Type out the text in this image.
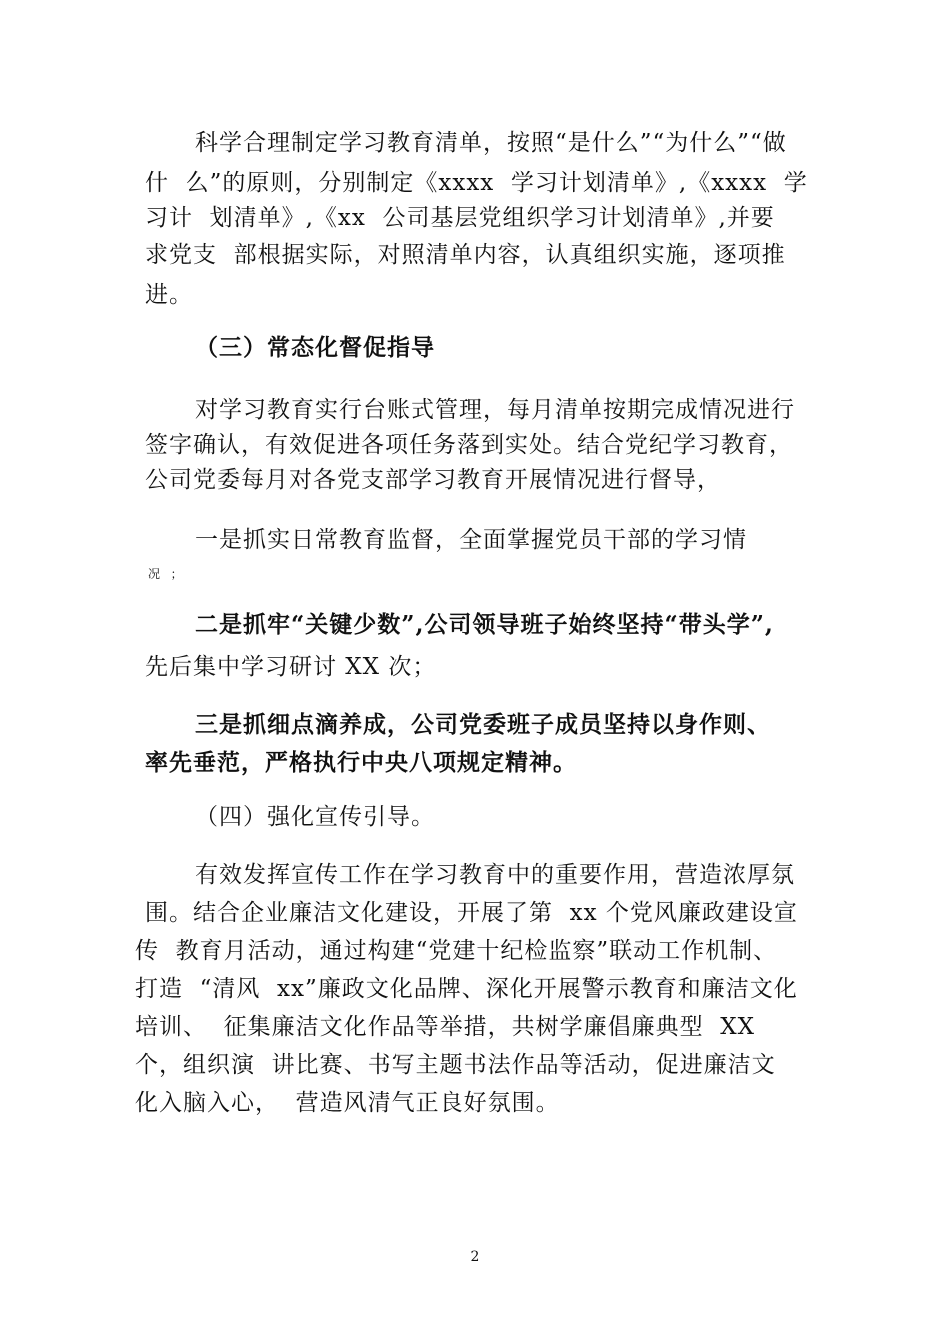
科学合理制定学习教育清单，按照“是什么”“为什么”“做
什  么”的原则，分别制定《xxxx  学习计划清单》,《xxxx  学
习计  划清单》,《xx  公司基层党组织学习计划清单》,并要
求党支  部根据实际，对照清单内容，认真组织实施，逐项推
进。
（三）常态化督促指导
对学习教育实行台账式管理，每月清单按期完成情况进行
签字确认，有效促进各项任务落到实处。结合党纪学习教育，
公司党委每月对各党支部学习教育开展情况进行督导，
一是抓实日常教育监督，全面掌握党员干部的学习情
况  ；
二是抓牢“关键少数”,公司领导班子始终坚持“带头学”,
先后集中学习研讨 XX 次；
三是抓细点滴养成，公司党委班子成员坚持以身作则、
率先垂范，严格执行中央八项规定精神。
（四）强化宣传引导。
有效发挥宣传工作在学习教育中的重要作用，营造浓厚氛
围。结合企业廉洁文化建设，开展了第  xx 个党风廉政建设宣
传  教育月活动，通过构建“党建十纪检监察”联动工作机制、
打造  “清风  xx”廉政文化品牌、深化开展警示教育和廉洁文化
培训、  征集廉洁文化作品等举措，共树学廉倡廉典型  XX
个，组织演  讲比赛、书写主题书法作品等活动，促进廉洁文
化入脑入心，  营造风清气正良好氛围。
2
